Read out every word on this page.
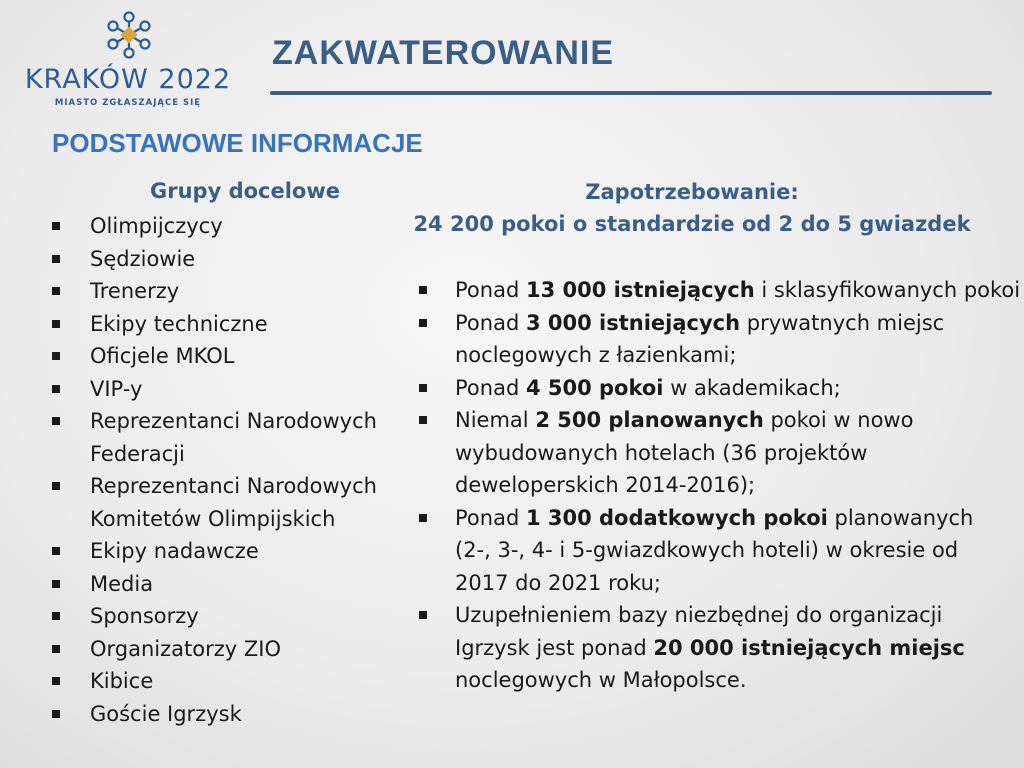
KRAKÓW 2022
MIASTO ZGŁASZAJĄCE SIĘ
ZAKWATEROWANIE
PODSTAWOWE INFORMACJE
Grupy docelowe
Olimpijczycy
Sędziowie
Trenerzy
Ekipy techniczne
Oficjele MKOL
VIP-y
Reprezentanci Narodowych Federacji
Reprezentanci Narodowych Komitetów Olimpijskich
Ekipy nadawcze
Media
Sponsorzy
Organizatorzy ZIO
Kibice
Goście Igrzysk
Zapotrzebowanie:
24 200 pokoi o standardzie od 2 do 5 gwiazdek
Ponad 13 000 istniejących i sklasyfikowanych pokoi
Ponad 3 000 istniejących prywatnych miejsc
noclegowych z łazienkami;
Ponad 4 500 pokoi w akademikach;
Niemal 2 500 planowanych pokoi w nowo
wybudowanych hotelach (36 projektów
deweloperskich 2014-2016);
Ponad 1 300 dodatkowych pokoi planowanych
(2-, 3-, 4- i 5-gwiazdkowych hoteli) w okresie od
2017 do 2021 roku;
Uzupełnieniem bazy niezbędnej do organizacji
Igrzysk jest ponad 20 000 istniejących miejsc
noclegowych w Małopolsce.
